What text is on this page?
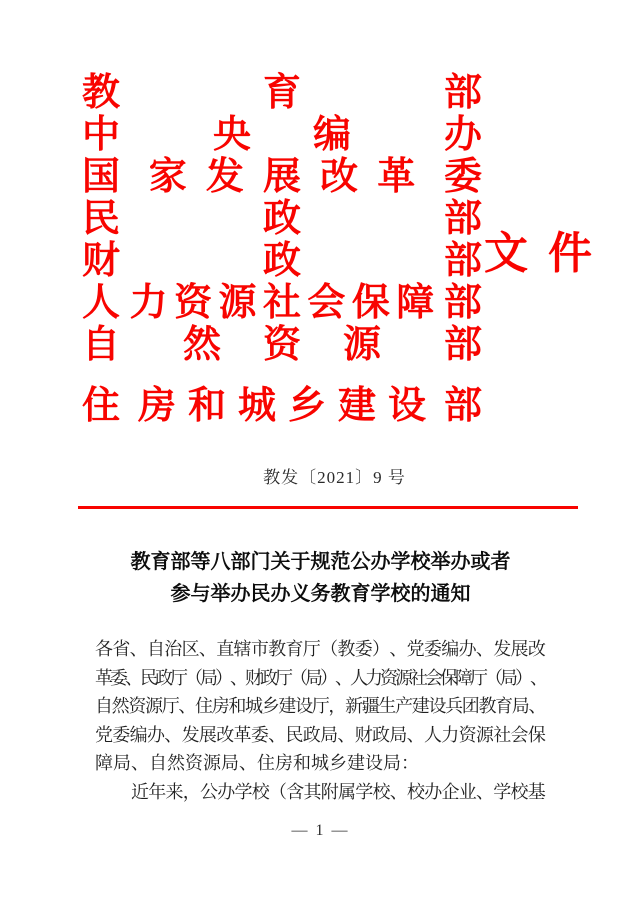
教	育	部
中	央	编	办
国 家 发 展 改 革 委
民	政	部
财	政	部
人 力 资 源 社 会 保 障 部
自	然	资	源	部
住 房 和 城 乡 建 设 部
文 件
教发〔2021〕9 号
教育部等八部门关于规范公办学校举办或者
参与举办民办义务教育学校的通知
各 省 、 自 治 区 、 直 辖 市 教 育 厅 （ 教 委 ） 、 党 委 编 办 、 发 展 改
革
委
、
民
政
厅
（
局
）
、
财
政
厅
（
局
）
、
人
力
资
源
社
会
保
障
厅
（
局
）
、
自
然
资
源
厅
、
住
房
和
城
乡
建
设
厅
，
新
疆
生
产
建
设
兵
团
教
育
局
、
党 委 编 办 、 发 展 改 革 委 、 民 政 局 、 财 政 局 、 人 力 资 源 社 会 保
障局、自然资源局、住房和城乡建设局：
近 年 来 ， 公 办 学 校 （ 含 其 附 属 学 校 、 校 办 企 业 、 学 校 基
— 1 —
